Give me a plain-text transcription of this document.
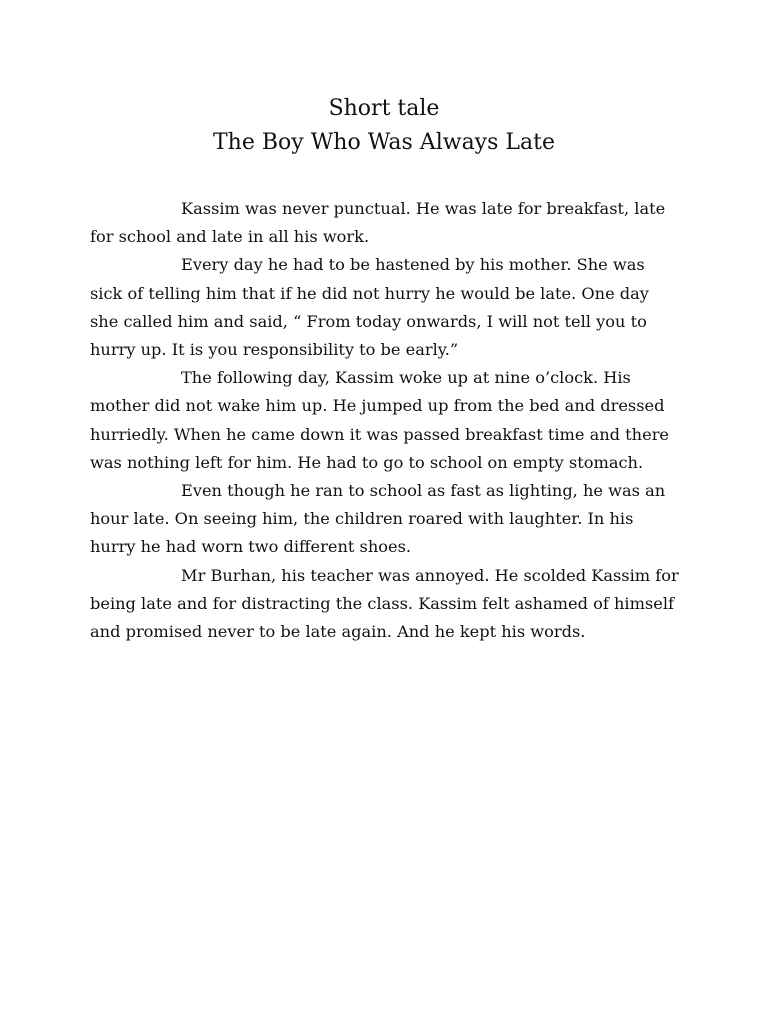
Short tale
The Boy Who Was Always Late

Kassim was never punctual. He was late for breakfast, late for school and late in all his work.

Every day he had to be hastened by his mother. She was sick of telling him that if he did not hurry he would be late. One day she called him and said, “ From today onwards, I will not tell you to hurry up. It is you responsibility to be early.”

The following day, Kassim woke up at nine o’clock. His mother did not wake him up. He jumped up from the bed and dressed hurriedly. When he came down it was passed breakfast time and there was nothing left for him. He had to go to school on empty stomach.

Even though he ran to school as fast as lighting, he was an hour late. On seeing him, the children roared with laughter. In his hurry he had worn two different shoes.

Mr Burhan, his teacher was annoyed. He scolded Kassim for being late and for distracting the class. Kassim felt ashamed of himself and promised never to be late again. And he kept his words.
